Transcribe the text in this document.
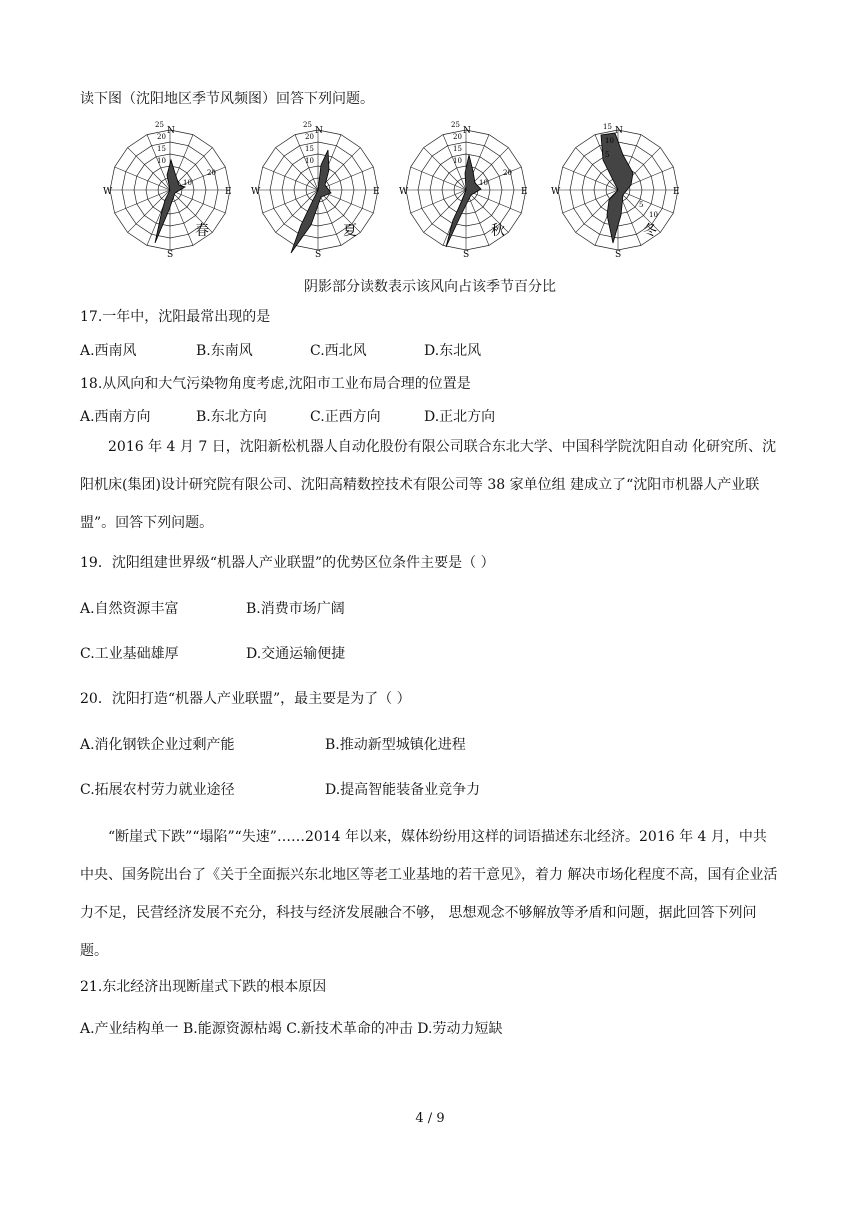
读下图（沈阳地区季节风频图）回答下列问题。
N
E
S
W
25
20
15
10
20
10
春
N
E
S
W
25
20
15
10
夏
N
E
S
W
25
20
15
10
20
10
秋
N
E
S
W
15
10
5
5
10
冬
阴影部分读数表示该风向占该季节百分比
17.一年中，沈阳最常出现的是
A.西南风	B.东南风	C.西北风	D.东北风
18.从风向和大气污染物角度考虑,沈阳市工业布局合理的位置是
A.西南方向	B.东北方向	C.正西方向	D.正北方向
2016 年 4 月 7 日，沈阳新松机器人自动化股份有限公司联合东北大学、中国科学院沈阳自动 化研究所、沈阳机床(集团)设计研究院有限公司、沈阳高精数控技术有限公司等 38 家单位组 建成立了“沈阳市机器人产业联盟”。回答下列问题。
19．沈阳组建世界级“机器人产业联盟”的优势区位条件主要是（ ）
A.自然资源丰富	B.消费市场广阔
C.工业基础雄厚	D.交通运输便捷
20．沈阳打造“机器人产业联盟”，最主要是为了（ ）
A.消化钢铁企业过剩产能	B.推动新型城镇化进程
C.拓展农村劳力就业途径	D.提高智能装备业竞争力
“断崖式下跌”“塌陷”“失速”……2014 年以来，媒体纷纷用这样的词语描述东北经济。2016 年 4 月，中共中央、国务院出台了《关于全面振兴东北地区等老工业基地的若干意见》，着力 解决市场化程度不高，国有企业活力不足，民营经济发展不充分，科技与经济发展融合不够， 思想观念不够解放等矛盾和问题，据此回答下列问题。
21.东北经济出现断崖式下跌的根本原因
A.产业结构单一 B.能源资源枯竭 C.新技术革命的冲击 D.劳动力短缺
4 / 9
